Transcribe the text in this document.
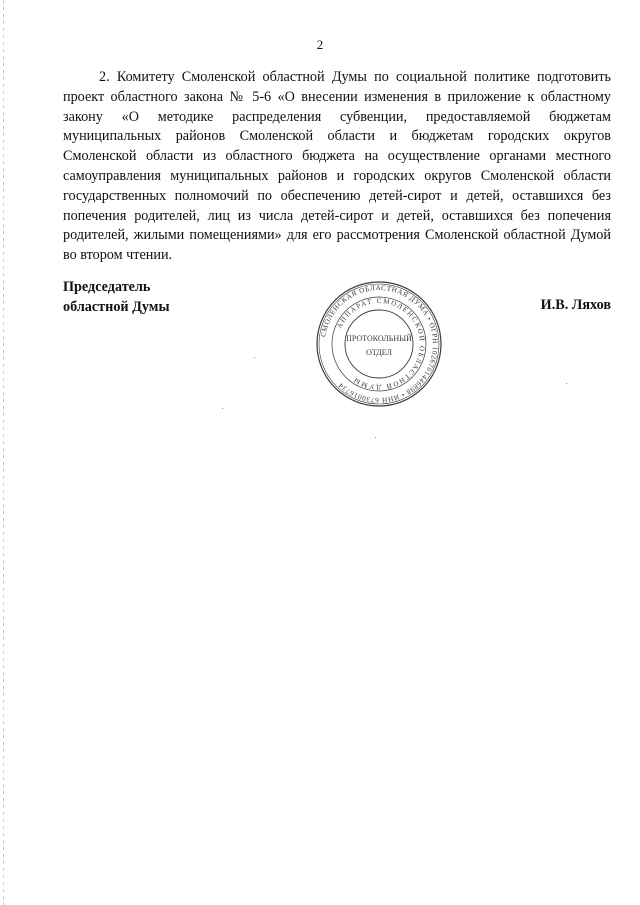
2

2. Комитету Смоленской областной Думы по социальной политике подготовить проект областного закона № 5-6 «О внесении изменения в приложение к областному закону «О методике распределения субвенции, предоставляемой бюджетам муниципальных районов Смоленской области и бюджетам городских округов Смоленской области из областного бюджета на осуществление органами местного самоуправления муниципальных районов и городских округов Смоленской области государственных полномочий по обеспечению детей-сирот и детей, оставшихся без попечения родителей, лиц из числа детей-сирот и детей, оставшихся без попечения родителей, жилыми помещениями» для его рассмотрения Смоленской областной Думой во втором чтении.

Председатель
областной Думы
СМОЛЕНСКАЯ ОБЛАСТНАЯ ДУМА • ОГРН 1026701446898 • ИНН 6730016734
АППАРАТ СМОЛЕНСКОЙ ОБЛАСТНОЙ ДУМЫ
ПРОТОКОЛЬНЫЙ
ОТДЕЛ
И.В. Ляхов
